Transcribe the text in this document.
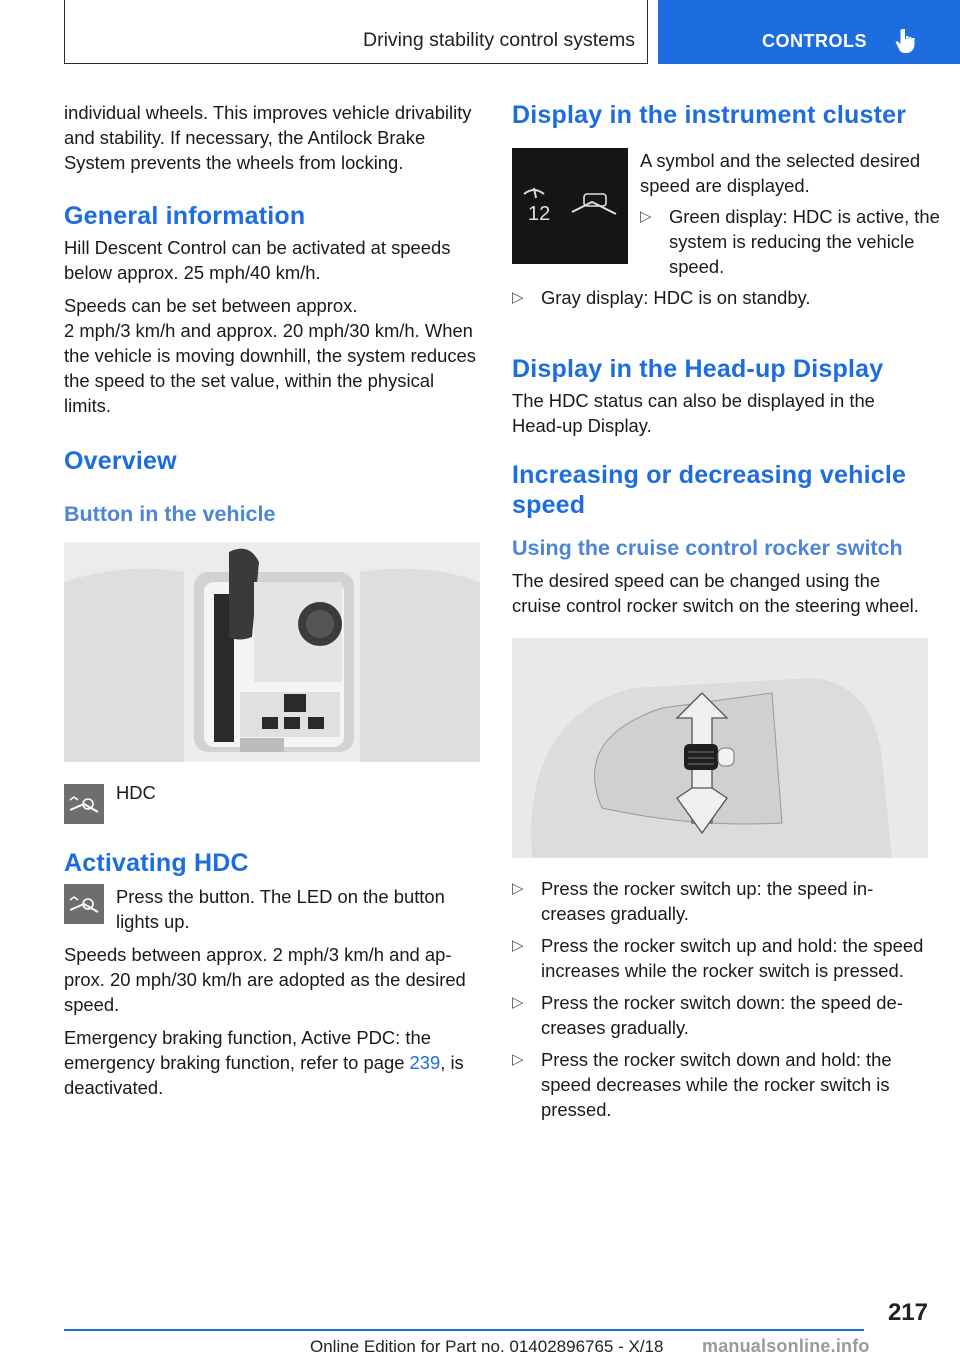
Driving stability control systems	CONTROLS

individual wheels. This improves vehicle drivability and stability. If necessary, the Antilock Brake System prevents the wheels from locking.

General information

Hill Descent Control can be activated at speeds below approx. 25 mph/40 km/h.

Speeds can be set between approx.

2 mph/3 km/h and approx. 20 mph/30 km/h. When the vehicle is moving downhill, the system reduces the speed to the set value, within the physical limits.

Overview
Button in the vehicle

HDC

Activating HDC

Press the button. The LED on the button lights up.

Speeds between approx. 2 mph/3 km/h and approx. 20 mph/30 km/h are adopted as the desired speed.

Emergency braking function, Active PDC: the emergency braking function, refer to page 239, is deactivated.

Display in the instrument cluster
12

A symbol and the selected desired speed are displayed.

▷ Green display: HDC is active, the system is reducing the vehicle speed.

▷ Gray display: HDC is on standby.

Display in the Head-up Display

The HDC status can also be displayed in the Head-up Display.

Increasing or decreasing vehicle speed
Using the cruise control rocker switch

The desired speed can be changed using the cruise control rocker switch on the steering wheel.

▷ Press the rocker switch up: the speed increases gradually.

▷ Press the rocker switch up and hold: the speed increases while the rocker switch is pressed.

▷ Press the rocker switch down: the speed decreases gradually.

▷ Press the rocker switch down and hold: the speed decreases while the rocker switch is pressed.

217
Online Edition for Part no. 01402896765 - X/18 manualsonline.info
